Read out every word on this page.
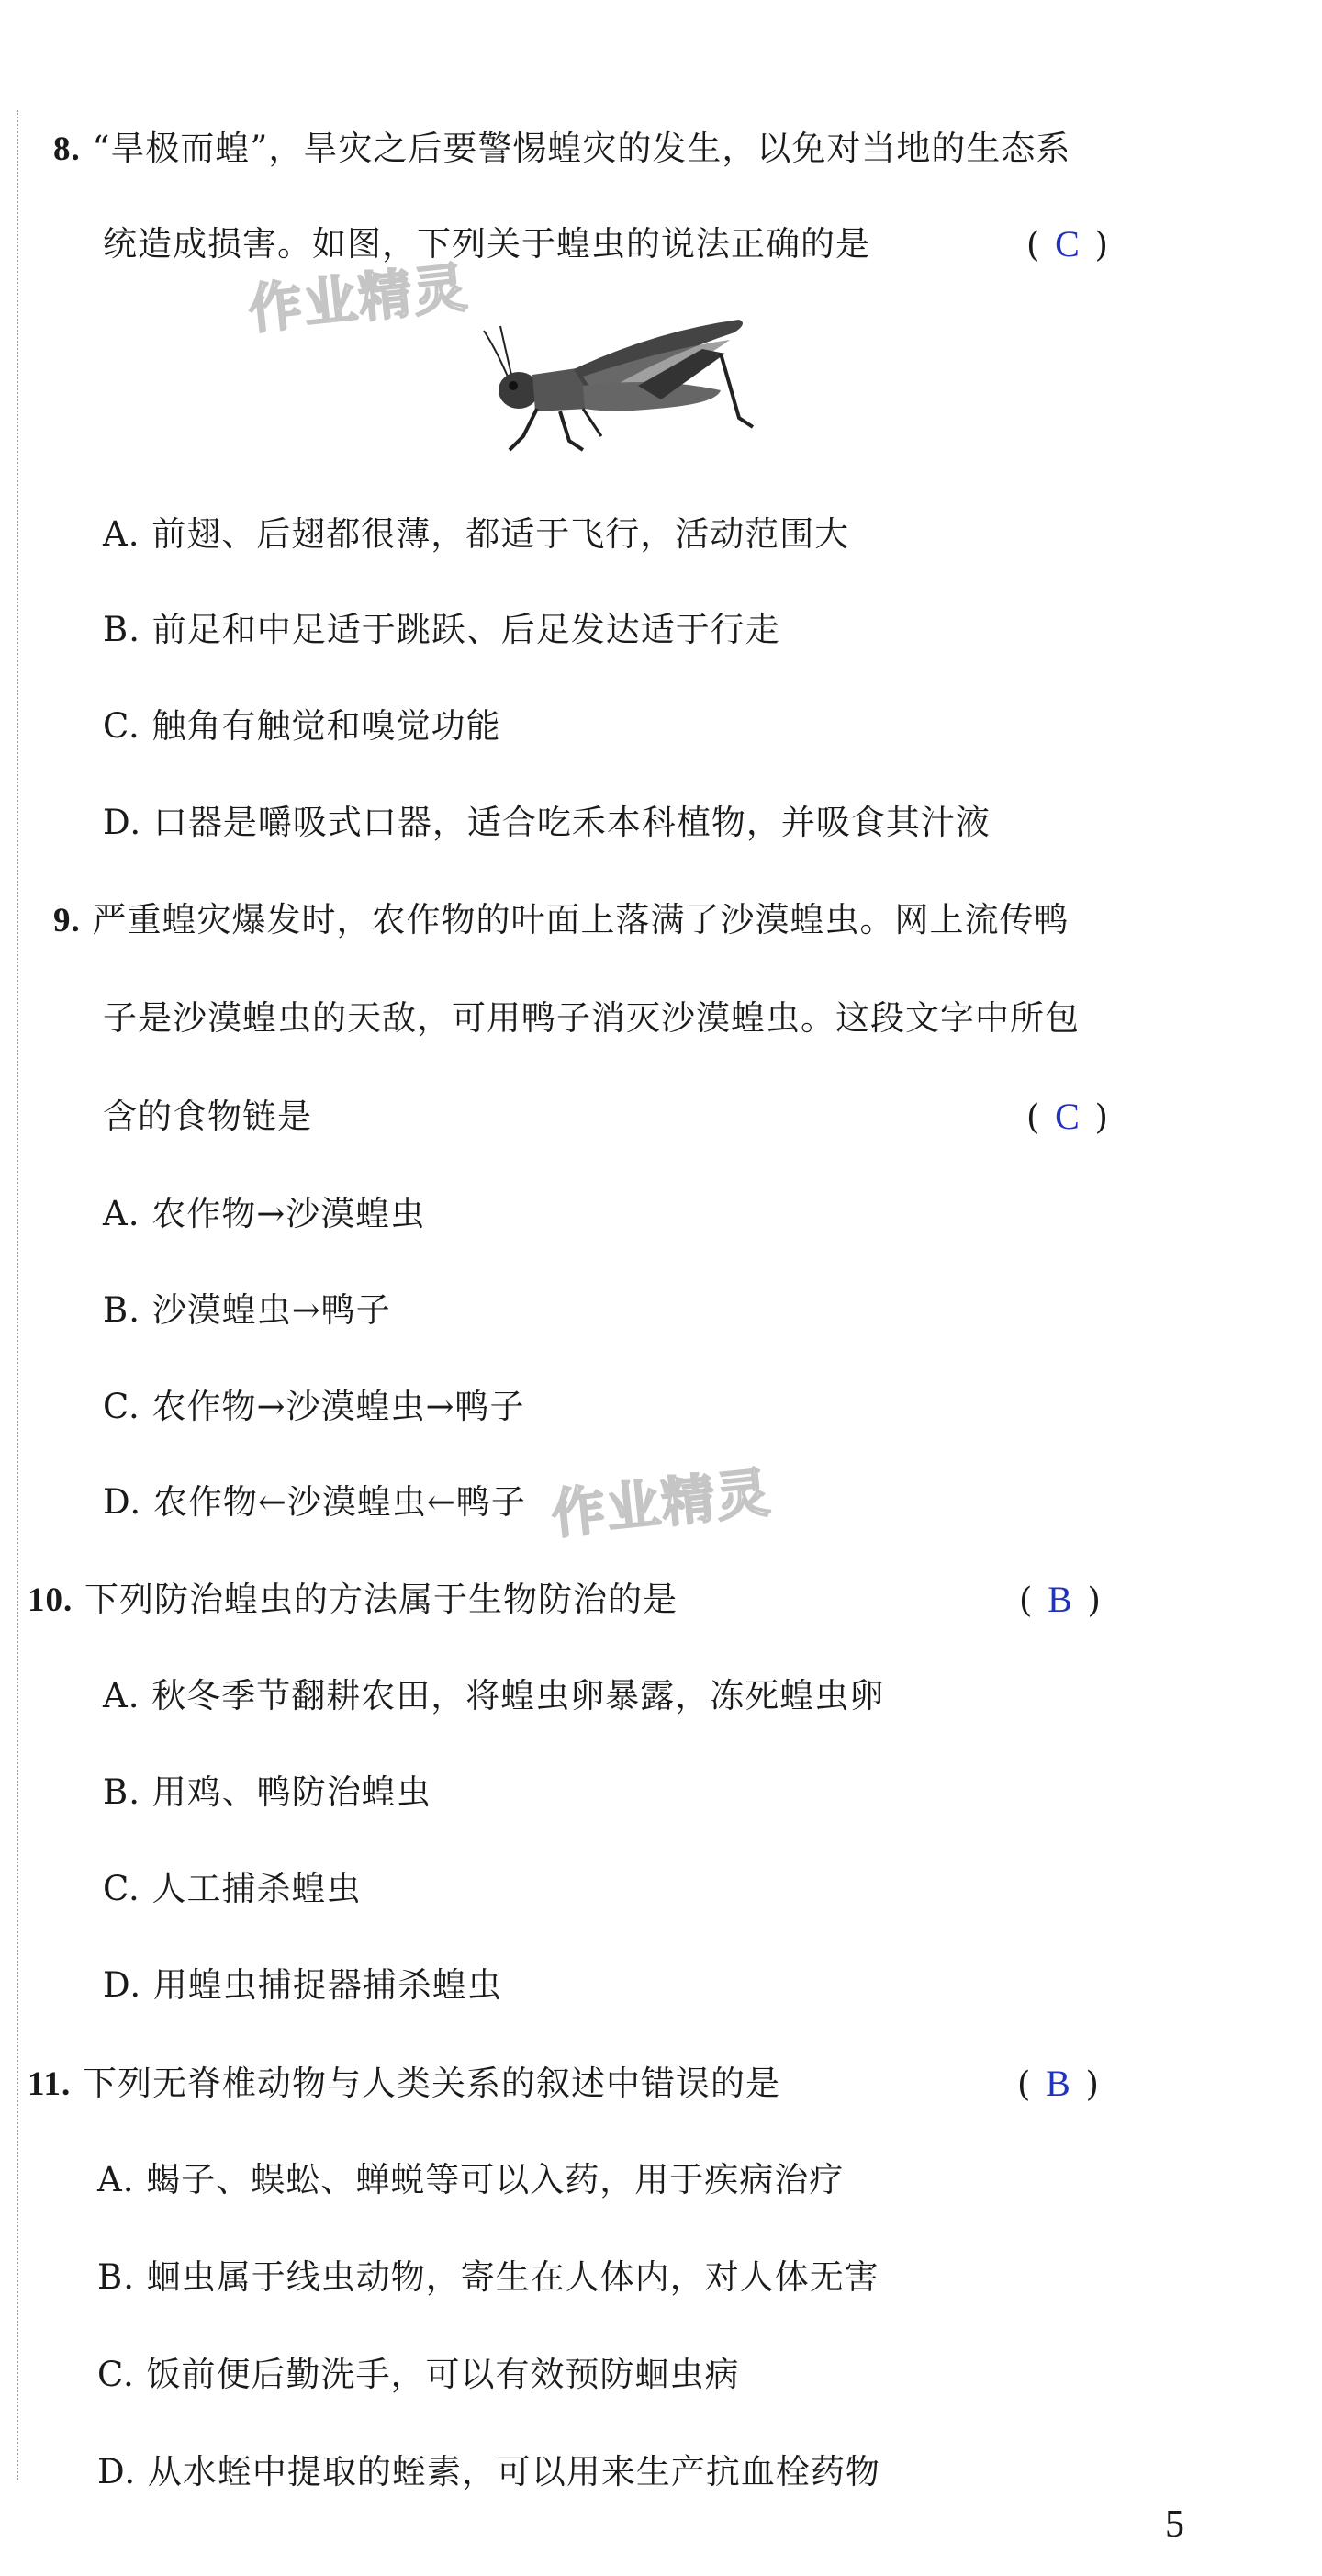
作业精灵
作业精灵
8. “旱极而蝗”，旱灾之后要警惕蝗灾的发生，以免对当地的生态系
统造成损害。如图，下列关于蝗虫的说法正确的是	( C )
A. 前翅、后翅都很薄，都适于飞行，活动范围大
B. 前足和中足适于跳跃、后足发达适于行走
C. 触角有触觉和嗅觉功能
D. 口器是嚼吸式口器，适合吃禾本科植物，并吸食其汁液
9. 严重蝗灾爆发时，农作物的叶面上落满了沙漠蝗虫。网上流传鸭
子是沙漠蝗虫的天敌，可用鸭子消灭沙漠蝗虫。这段文字中所包
含的食物链是	( C )
A. 农作物→沙漠蝗虫
B. 沙漠蝗虫→鸭子
C. 农作物→沙漠蝗虫→鸭子
D. 农作物←沙漠蝗虫←鸭子
10. 下列防治蝗虫的方法属于生物防治的是	( B )
A. 秋冬季节翻耕农田，将蝗虫卵暴露，冻死蝗虫卵
B. 用鸡、鸭防治蝗虫
C. 人工捕杀蝗虫
D. 用蝗虫捕捉器捕杀蝗虫
11. 下列无脊椎动物与人类关系的叙述中错误的是	( B )
A. 蝎子、蜈蚣、蝉蜕等可以入药，用于疾病治疗
B. 蛔虫属于线虫动物，寄生在人体内，对人体无害
C. 饭前便后勤洗手，可以有效预防蛔虫病
D. 从水蛭中提取的蛭素，可以用来生产抗血栓药物
5
